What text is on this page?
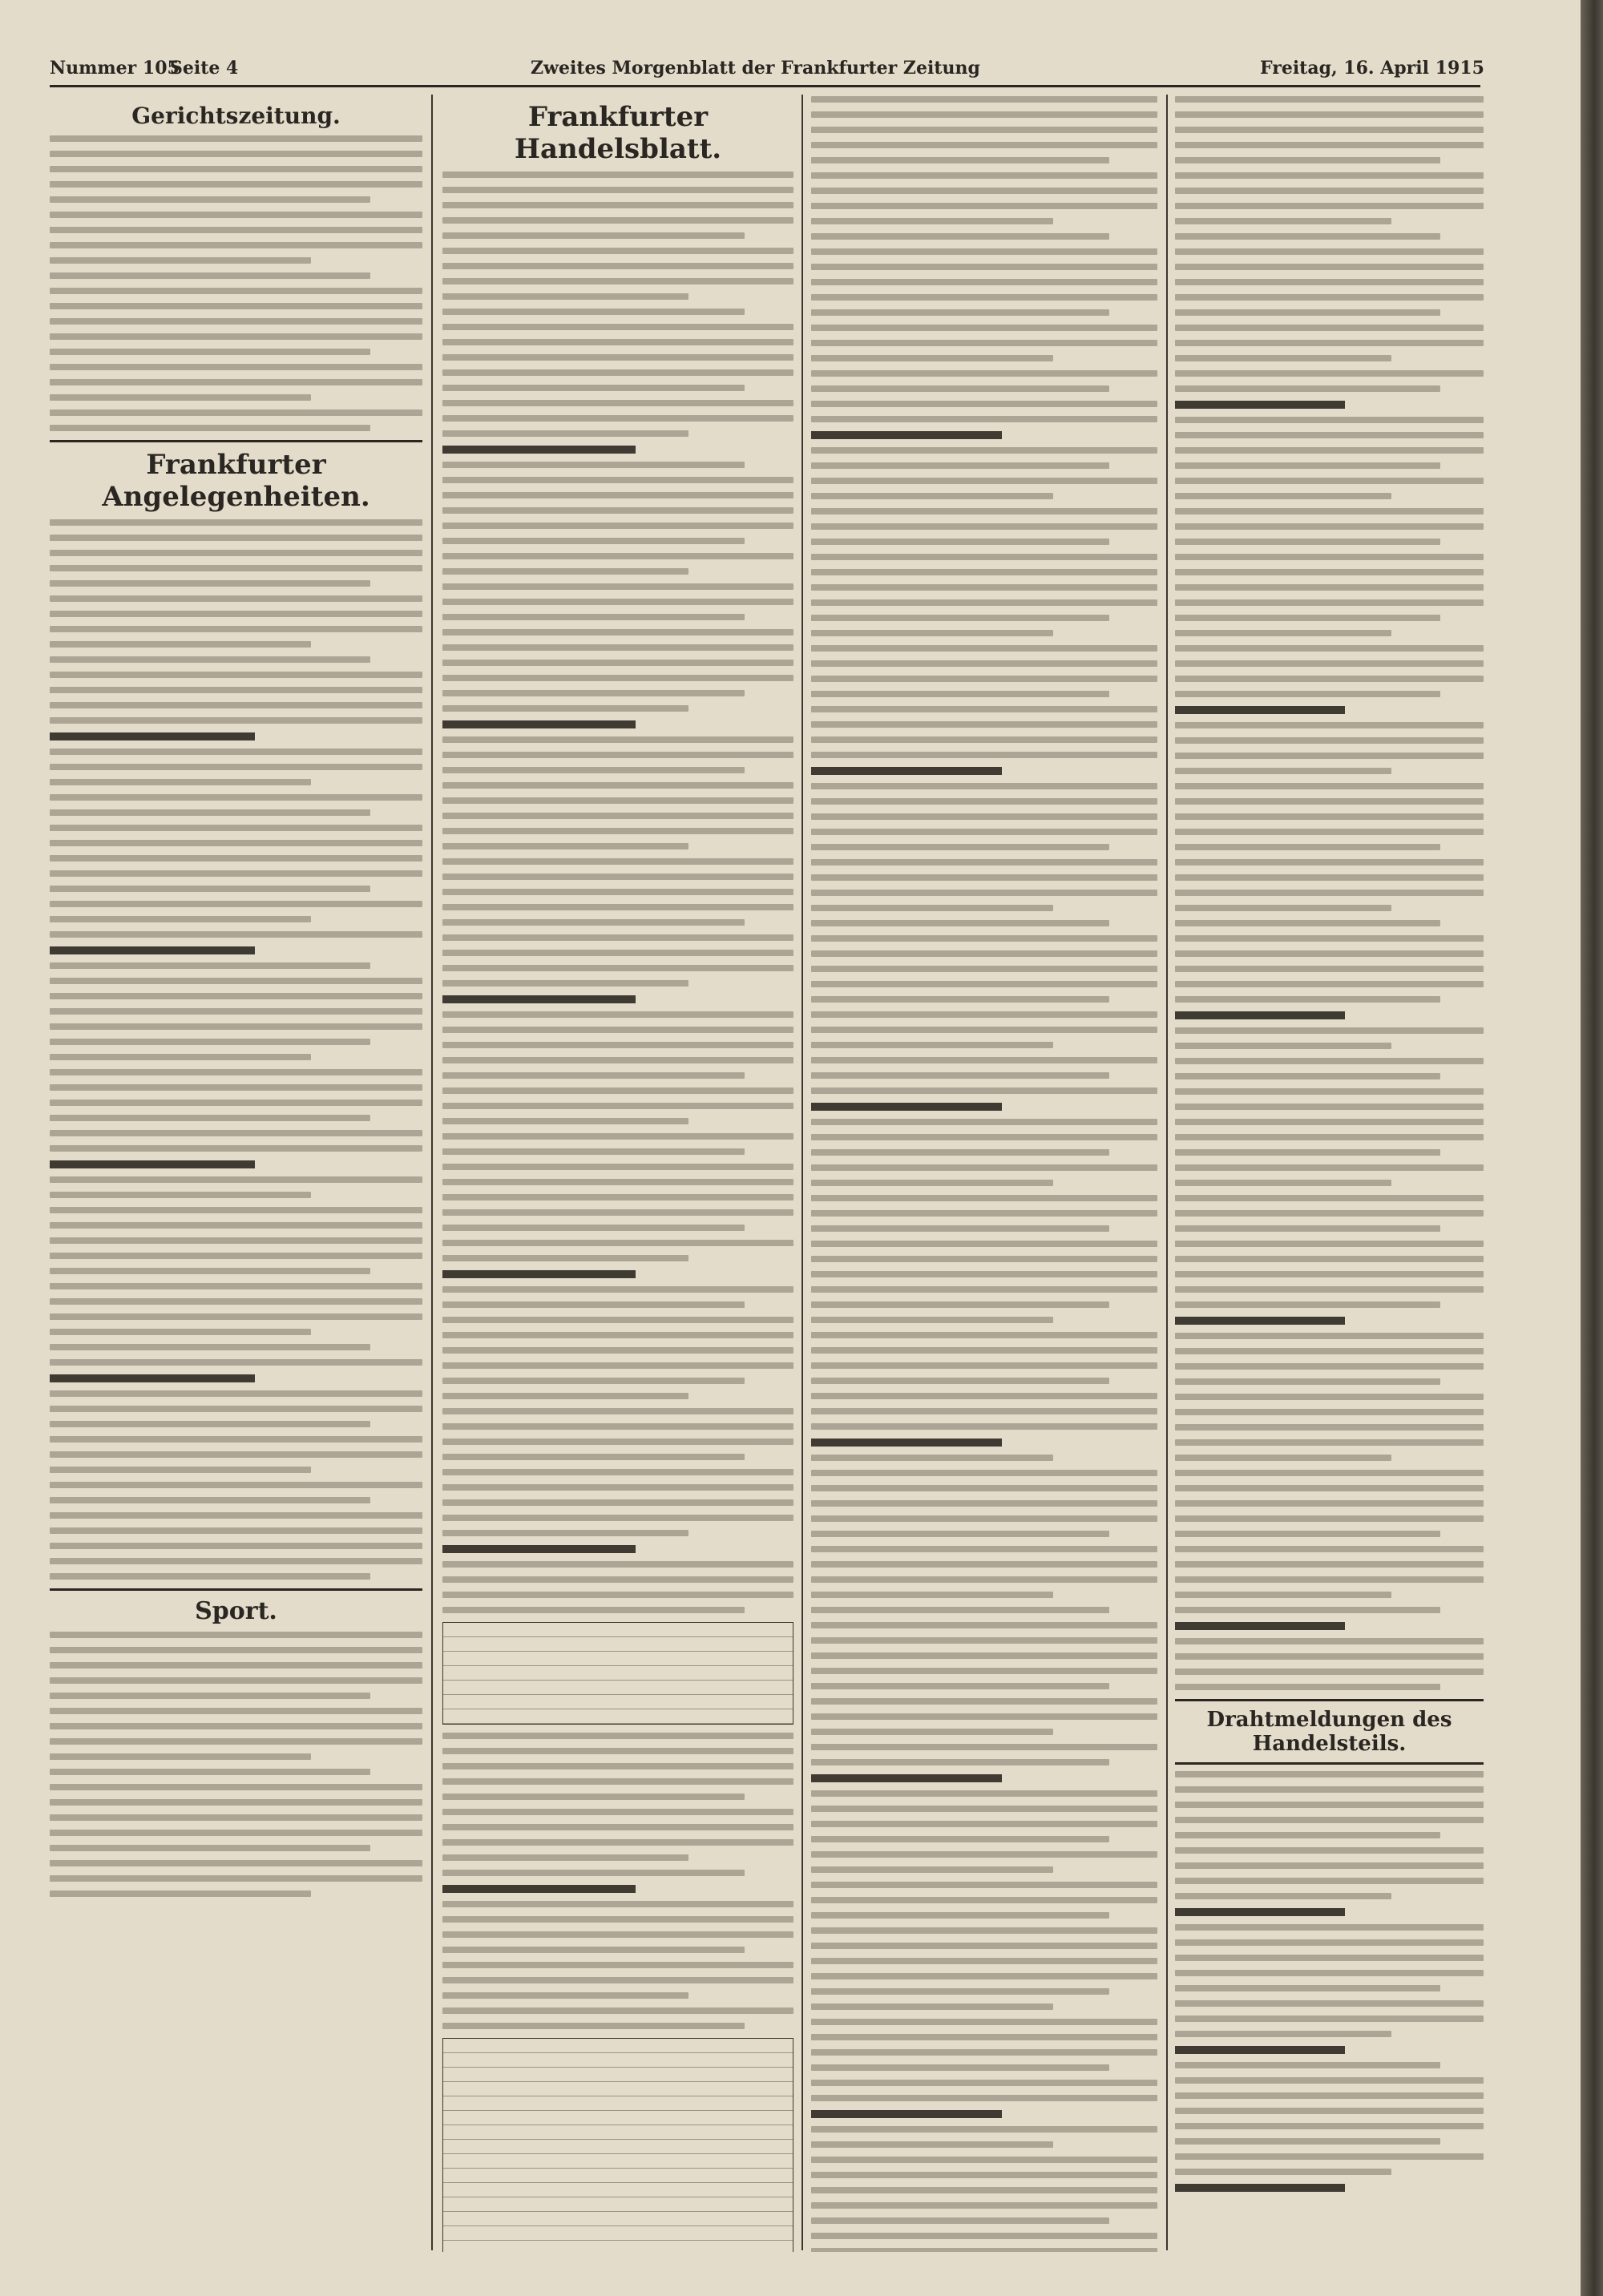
Nummer 105
Seite 4	Zweites Morgenblatt der Frankfurter Zeitung	Freitag, 16. April 1915
Gerichtszeitung.
Frankfurter Angelegenheiten.
Sport.
Frankfurter Handelsblatt.
Drahtmeldungen des Handelsteils.
